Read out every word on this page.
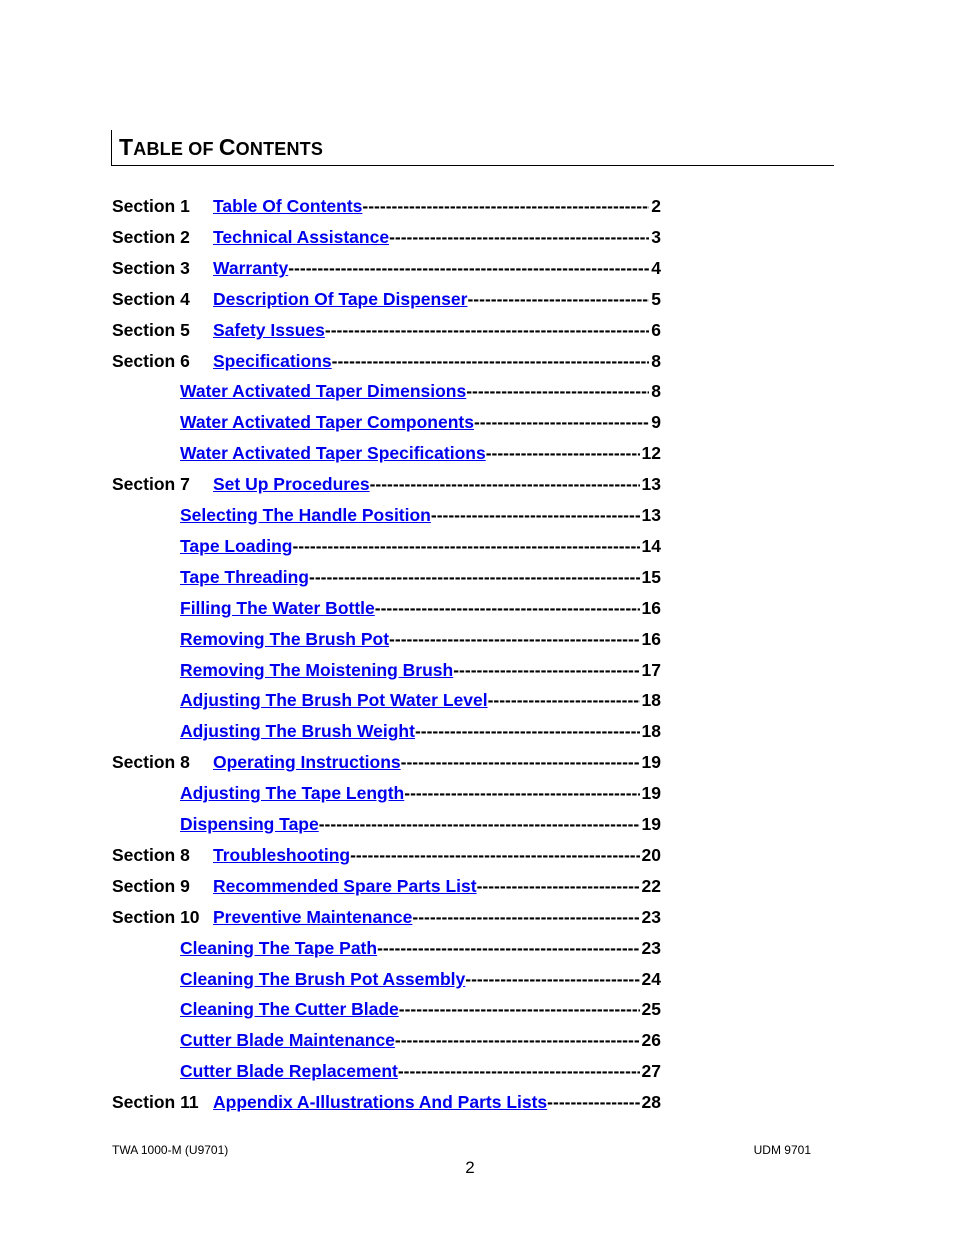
TABLE OF CONTENTS
Section 1 Table Of Contents -----	2
Section 2 Technical Assistance -----	3
Section 3 Warranty -----	4
Section 4 Description Of Tape Dispenser -----	5
Section 5 Safety Issues -----	6
Section 6 Specifications -----	8
Water Activated Taper Dimensions -----	8
Water Activated Taper Components -----	9
Water Activated Taper Specifications -----	12
Section 7 Set Up Procedures -----	13
Selecting The Handle Position -----	13
Tape Loading -----	14
Tape Threading -----	15
Filling The Water Bottle -----	16
Removing The Brush Pot -----	16
Removing The Moistening Brush -----	17
Adjusting The Brush Pot Water Level -----	18
Adjusting The Brush Weight -----	18
Section 8 Operating Instructions -----	19
Adjusting The Tape Length -----	19
Dispensing Tape -----	19
Section 8 Troubleshooting -----	20
Section 9 Recommended Spare Parts List -----	22
Section 10 Preventive Maintenance -----	23
Cleaning The Tape Path -----	23
Cleaning The Brush Pot Assembly -----	24
Cleaning The Cutter Blade -----	25
Cutter Blade Maintenance -----	26
Cutter Blade Replacement -----	27
Section 11 Appendix A-Illustrations And Parts Lists -----	28
TWA 1000-M (U9701)	UDM 9701
2
